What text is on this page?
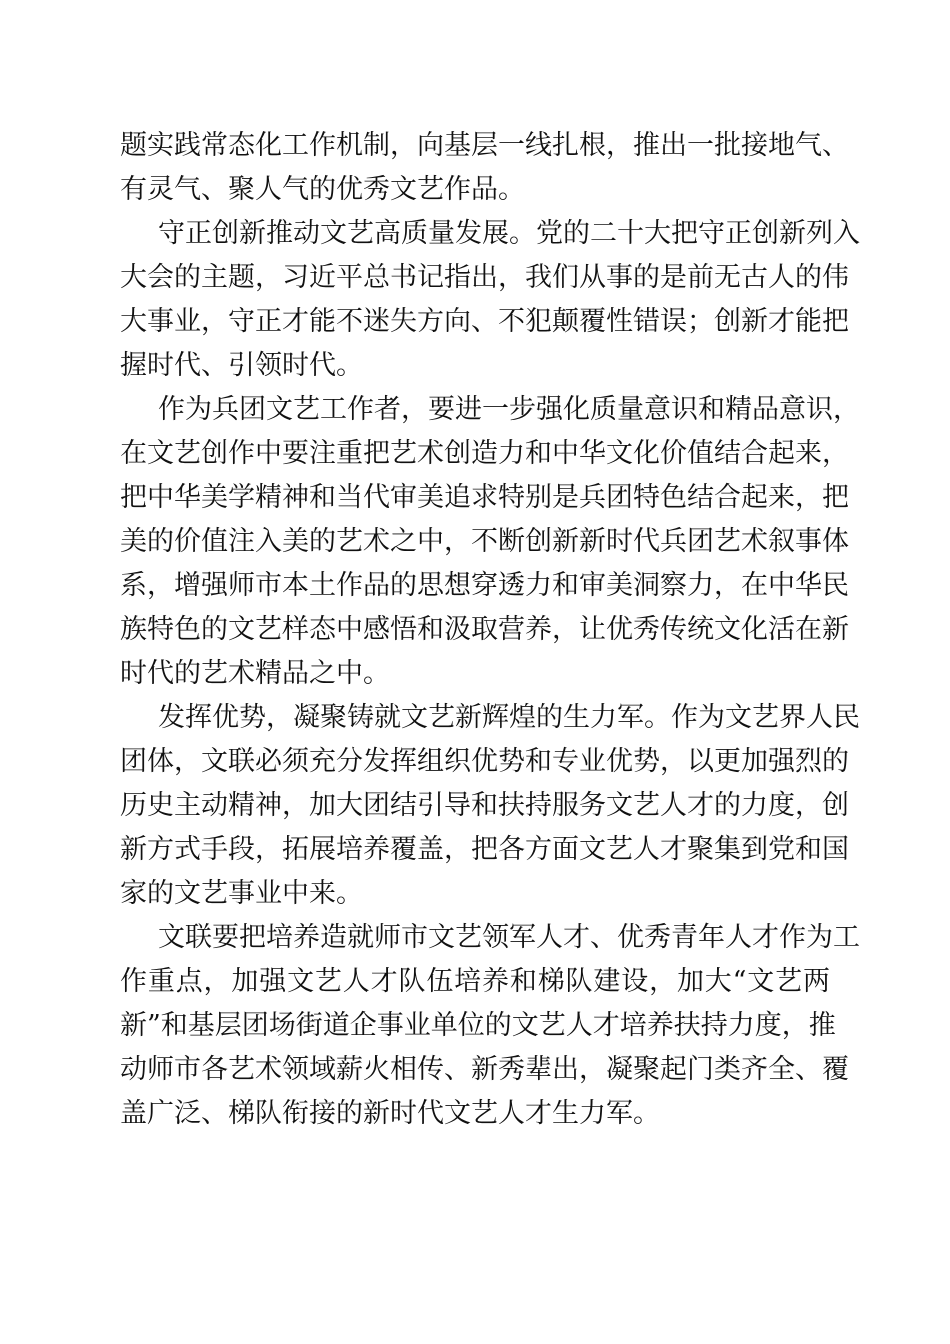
题实践常态化工作机制，向基层一线扎根，推出一批接地气、
有灵气、聚人气的优秀文艺作品。
守正创新推动文艺高质量发展。党的二十大把守正创新列入
大会的主题，习近平总书记指出，我们从事的是前无古人的伟
大事业，守正才能不迷失方向、不犯颠覆性错误；创新才能把
握时代、引领时代。
作为兵团文艺工作者，要进一步强化质量意识和精品意识，
在文艺创作中要注重把艺术创造力和中华文化价值结合起来，
把中华美学精神和当代审美追求特别是兵团特色结合起来，把
美的价值注入美的艺术之中，不断创新新时代兵团艺术叙事体
系，增强师市本土作品的思想穿透力和审美洞察力，在中华民
族特色的文艺样态中感悟和汲取营养，让优秀传统文化活在新
时代的艺术精品之中。
发挥优势，凝聚铸就文艺新辉煌的生力军。作为文艺界人民
团体，文联必须充分发挥组织优势和专业优势，以更加强烈的
历史主动精神，加大团结引导和扶持服务文艺人才的力度，创
新方式手段，拓展培养覆盖，把各方面文艺人才聚集到党和国
家的文艺事业中来。
文联要把培养造就师市文艺领军人才、优秀青年人才作为工
作重点，加强文艺人才队伍培养和梯队建设，加大“文艺两
新”和基层团场街道企事业单位的文艺人才培养扶持力度，推
动师市各艺术领域薪火相传、新秀辈出，凝聚起门类齐全、覆
盖广泛、梯队衔接的新时代文艺人才生力军。
